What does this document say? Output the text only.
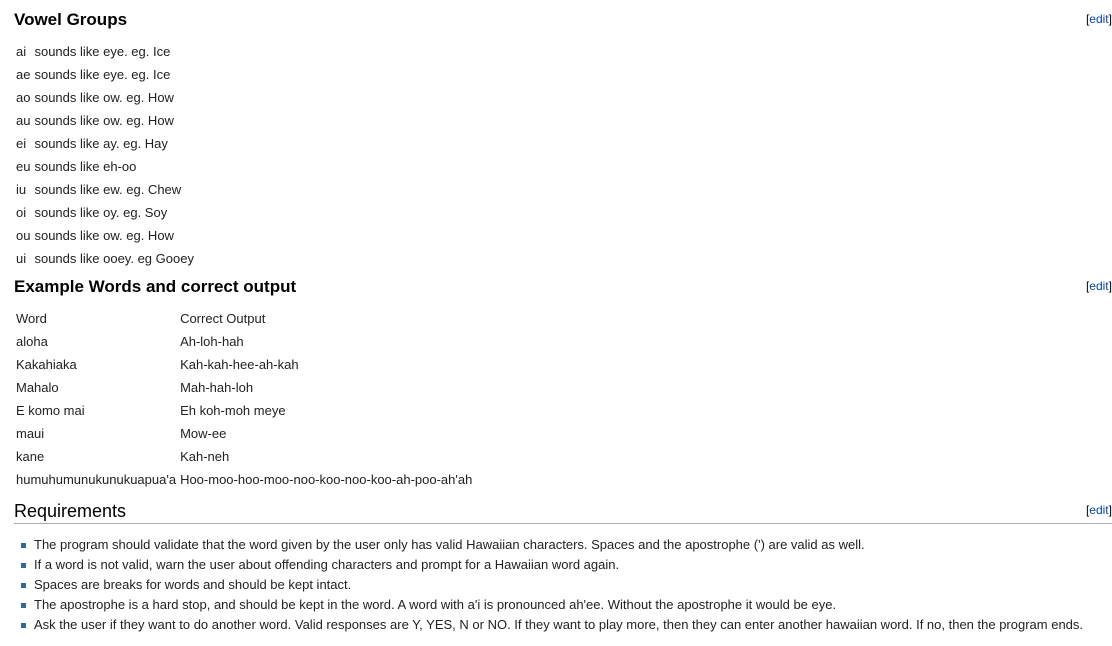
Vowel Groups	[edit]
ai	sounds like eye. eg. Ice
ae	sounds like eye. eg. Ice
ao	sounds like ow. eg. How
au	sounds like ow. eg. How
ei	sounds like ay. eg. Hay
eu	sounds like eh-oo
iu	sounds like ew. eg. Chew
oi	sounds like oy. eg. Soy
ou	sounds like ow. eg. How
ui	sounds like ooey. eg Gooey
Example Words and correct output	[edit]
Word	Correct Output
aloha	Ah-loh-hah
Kakahiaka	Kah-kah-hee-ah-kah
Mahalo	Mah-hah-loh
E komo mai	Eh koh-moh meye
maui	Mow-ee
kane	Kah-neh
humuhumunukunukuapua'a	Hoo-moo-hoo-moo-noo-koo-noo-koo-ah-poo-ah'ah
Requirements	[edit]
The program should validate that the word given by the user only has valid Hawaiian characters. Spaces and the apostrophe (') are valid as well.
If a word is not valid, warn the user about offending characters and prompt for a Hawaiian word again.
Spaces are breaks for words and should be kept intact.
The apostrophe is a hard stop, and should be kept in the word. A word with a'i is pronounced ah'ee. Without the apostrophe it would be eye.
Ask the user if they want to do another word. Valid responses are Y, YES, N or NO. If they want to play more, then they can enter another hawaiian word. If no, then the program ends.
